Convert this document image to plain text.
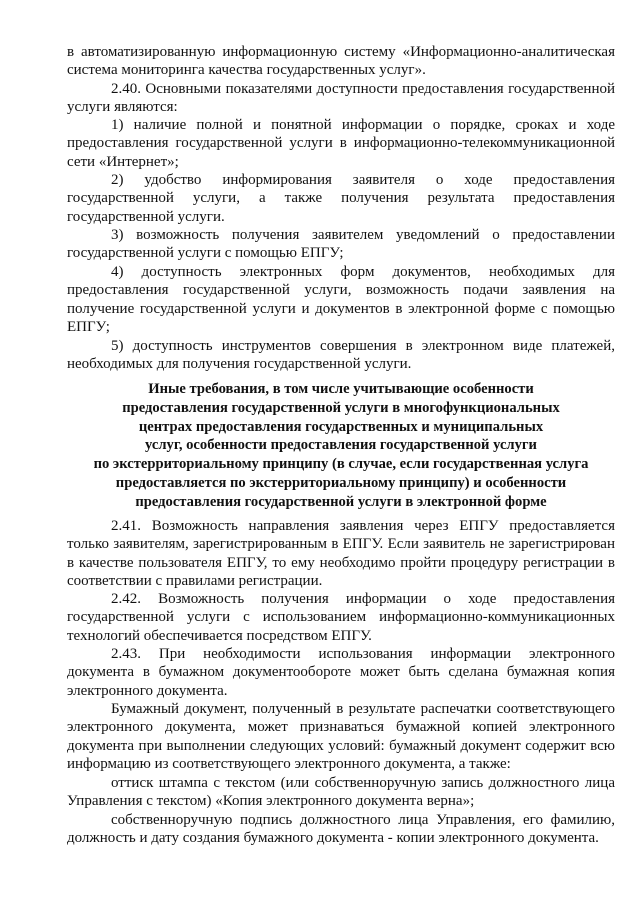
в автоматизированную информационную систему «Информационно-аналитическая система мониторинга качества государственных услуг».

2.40. Основными показателями доступности предоставления государственной услуги являются:

1) наличие полной и понятной информации о порядке, сроках и ходе предоставления государственной услуги в информационно-телекоммуникационной сети «Интернет»;

2) удобство информирования заявителя о ходе предоставления государственной услуги, а также получения результата предоставления государственной услуги.

3) возможность получения заявителем уведомлений о предоставлении государственной услуги с помощью ЕПГУ;

4) доступность электронных форм документов, необходимых для предоставления государственной услуги, возможность подачи заявления на получение государственной услуги и документов в электронной форме с помощью ЕПГУ;

5) доступность инструментов совершения в электронном виде платежей, необходимых для получения государственной услуги.

Иные требования, в том числе учитывающие особенности
предоставления государственной услуги в многофункциональных
центрах предоставления государственных и муниципальных
услуг, особенности предоставления государственной услуги
по экстерриториальному принципу (в случае, если государственная услуга
предоставляется по экстерриториальному принципу) и особенности
предоставления государственной услуги в электронной форме

2.41. Возможность направления заявления через ЕПГУ предоставляется только заявителям, зарегистрированным в ЕПГУ. Если заявитель не зарегистрирован в качестве пользователя ЕПГУ, то ему необходимо пройти процедуру регистрации в соответствии с правилами регистрации.

2.42. Возможность получения информации о ходе предоставления государственной услуги с использованием информационно-коммуникационных технологий обеспечивается посредством ЕПГУ.

2.43. При необходимости использования информации электронного документа в бумажном документообороте может быть сделана бумажная копия электронного документа.

Бумажный документ, полученный в результате распечатки соответствующего электронного документа, может признаваться бумажной копией электронного документа при выполнении следующих условий: бумажный документ содержит всю информацию из соответствующего электронного документа, а также:

оттиск штампа с текстом (или собственноручную запись должностного лица Управления с текстом) «Копия электронного документа верна»;

собственноручную подпись должностного лица Управления, его фамилию, должность и дату создания бумажного документа - копии электронного документа.
